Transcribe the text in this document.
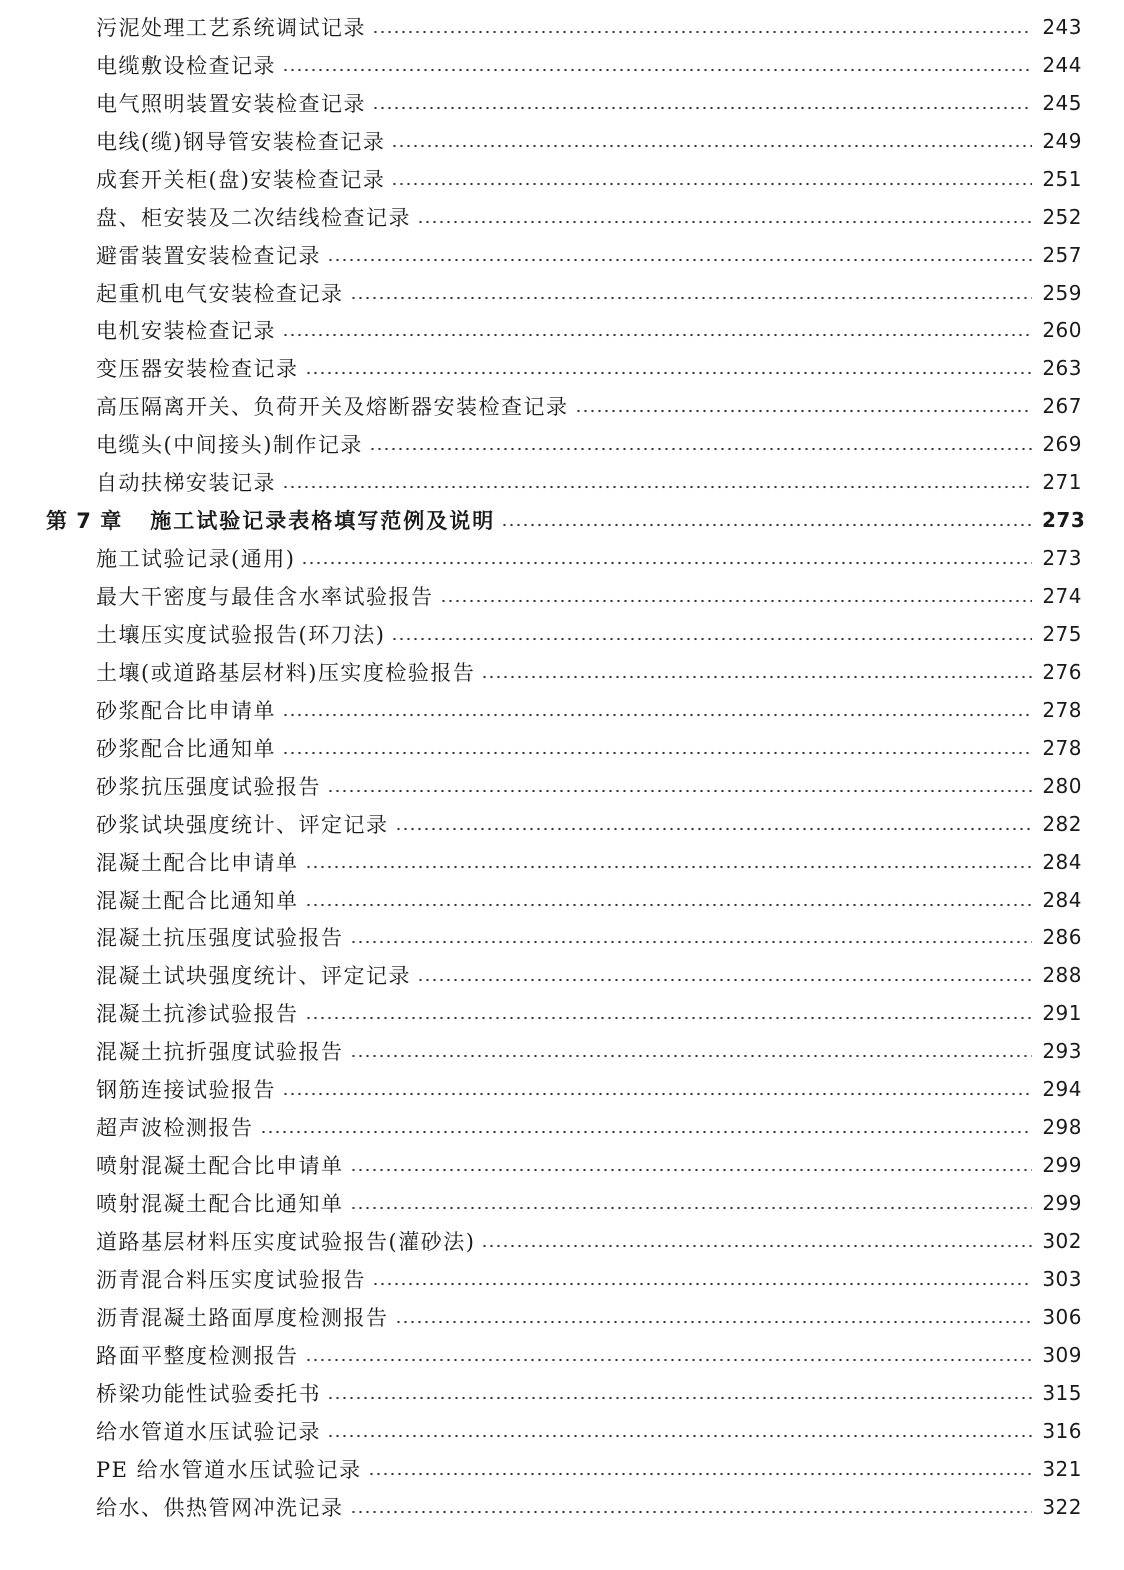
污泥处理工艺系统调试记录	243
电缆敷设检查记录	244
电气照明装置安装检查记录	245
电线(缆)钢导管安装检查记录	249
成套开关柜(盘)安装检查记录	251
盘、柜安装及二次结线检查记录	252
避雷装置安装检查记录	257
起重机电气安装检查记录	259
电机安装检查记录	260
变压器安装检查记录	263
高压隔离开关、负荷开关及熔断器安装检查记录	267
电缆头(中间接头)制作记录	269
自动扶梯安装记录	271
第 7 章 施工试验记录表格填写范例及说明	273
施工试验记录(通用)	273
最大干密度与最佳含水率试验报告	274
土壤压实度试验报告(环刀法)	275
土壤(或道路基层材料)压实度检验报告	276
砂浆配合比申请单	278
砂浆配合比通知单	278
砂浆抗压强度试验报告	280
砂浆试块强度统计、评定记录	282
混凝土配合比申请单	284
混凝土配合比通知单	284
混凝土抗压强度试验报告	286
混凝土试块强度统计、评定记录	288
混凝土抗渗试验报告	291
混凝土抗折强度试验报告	293
钢筋连接试验报告	294
超声波检测报告	298
喷射混凝土配合比申请单	299
喷射混凝土配合比通知单	299
道路基层材料压实度试验报告(灌砂法)	302
沥青混合料压实度试验报告	303
沥青混凝土路面厚度检测报告	306
路面平整度检测报告	309
桥梁功能性试验委托书	315
给水管道水压试验记录	316
PE 给水管道水压试验记录	321
给水、供热管网冲洗记录	322
